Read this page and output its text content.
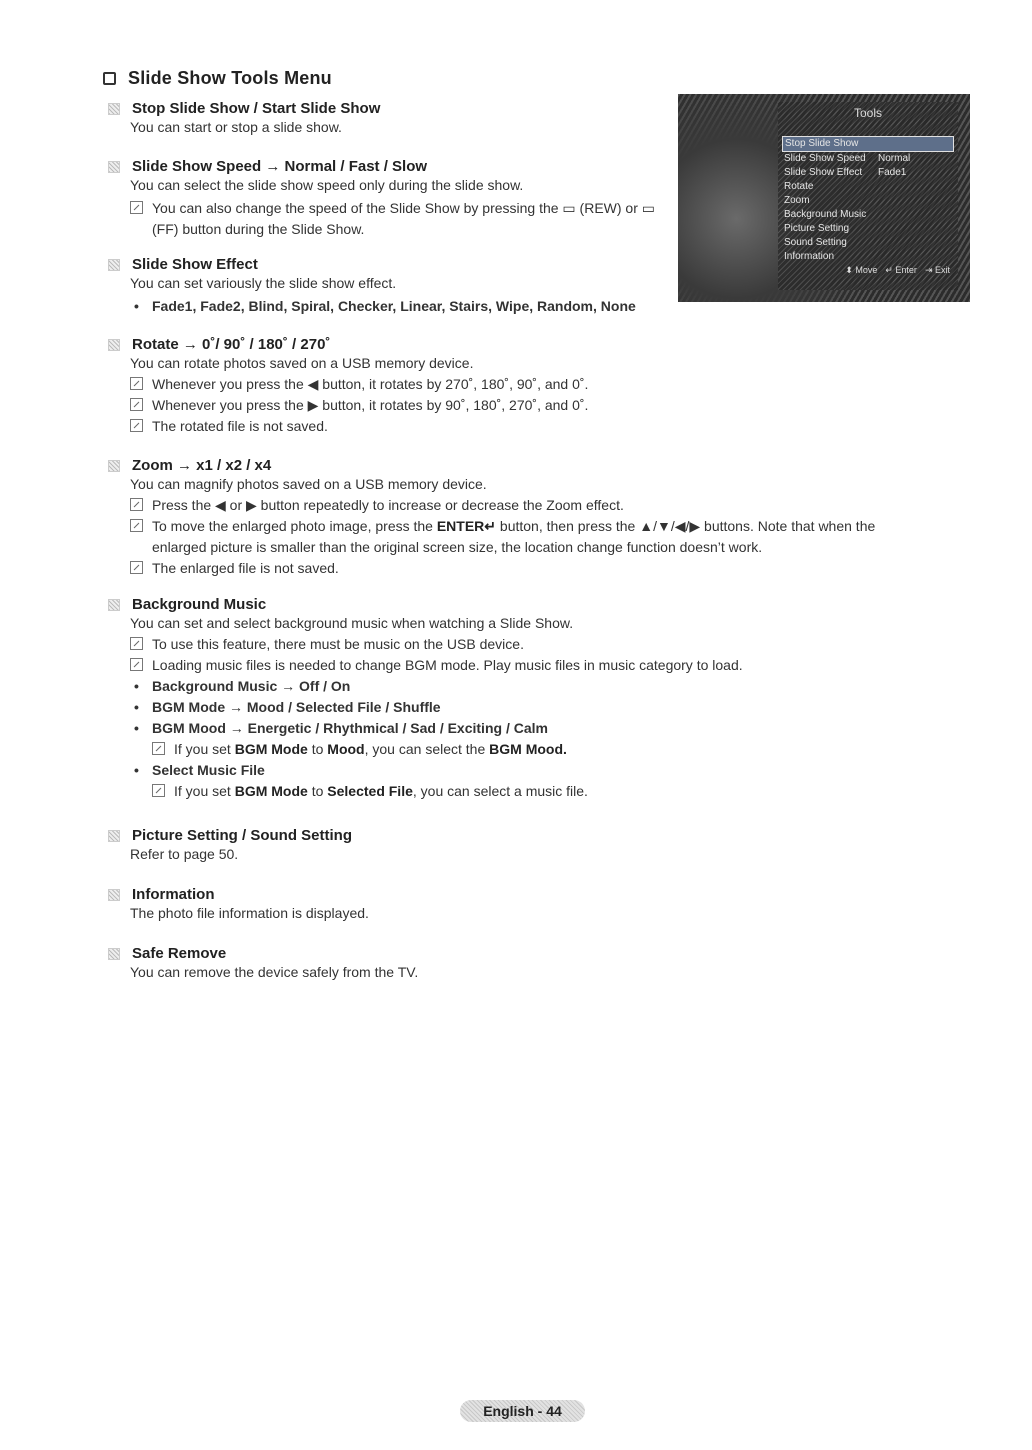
Slide Show Tools Menu
Tools
Stop Slide Show
Slide Show Speed Normal
Slide Show Effect Fade1
Rotate
Zoom
Background Music
Picture Setting
Sound Setting
Information
⬍ Move ↵ Enter ⇥ Exit
Stop Slide Show / Start Slide Show
You can start or stop a slide show.
Slide Show Speed → Normal / Fast / Slow
You can select the slide show speed only during the slide show.
You can also change the speed of the Slide Show by pressing the ▭ (REW) or ▭ (FF) button during the Slide Show.
Slide Show Effect
You can set variously the slide show effect.
• Fade1, Fade2, Blind, Spiral, Checker, Linear, Stairs, Wipe, Random, None
Rotate → 0˚/ 90˚ / 180˚ / 270˚
You can rotate photos saved on a USB memory device.
Whenever you press the ◀ button, it rotates by 270˚, 180˚, 90˚, and 0˚.
Whenever you press the ▶ button, it rotates by 90˚, 180˚, 270˚, and 0˚.
The rotated file is not saved.
Zoom → x1 / x2 / x4
You can magnify photos saved on a USB memory device.
Press the ◀ or ▶ button repeatedly to increase or decrease the Zoom effect.
To move the enlarged photo image, press the ENTER↵ button, then press the ▲/▼/◀/▶ buttons. Note that when the enlarged picture is smaller than the original screen size, the location change function doesn’t work.
The enlarged file is not saved.
Background Music
You can set and select background music when watching a Slide Show.
To use this feature, there must be music on the USB device.
Loading music files is needed to change BGM mode. Play music files in music category to load.
• Background Music → Off / On
• BGM Mode → Mood / Selected File / Shuffle
• BGM Mood → Energetic / Rhythmical / Sad / Exciting / Calm
If you set BGM Mode to Mood, you can select the BGM Mood.
• Select Music File
If you set BGM Mode to Selected File, you can select a music file.
Picture Setting / Sound Setting
Refer to page 50.
Information
The photo file information is displayed.
Safe Remove
You can remove the device safely from the TV.
English - 44
